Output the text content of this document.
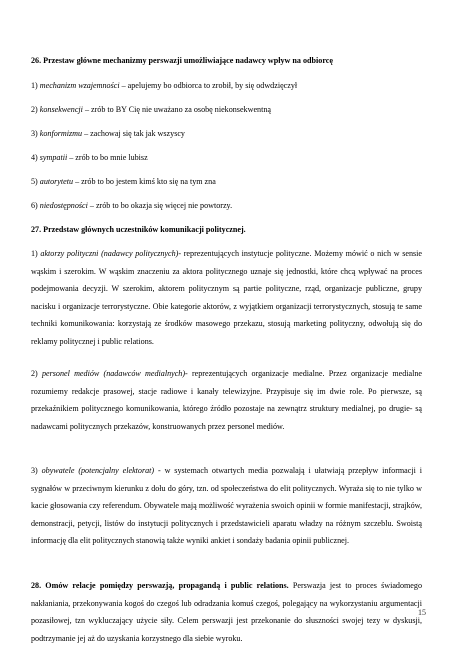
26. Przestaw główne mechanizmy perswazji umożliwiające nadawcy wpływ na odbiorcę
1) mechanizm wzajemności – apelujemy bo odbiorca to zrobił, by się odwdzięczył
2) konsekwencji – zrób to BY Cię nie uważano za osobę niekonsekwentną
3) konformizmu – zachowaj się tak jak wszyscy
4) sympatii – zrób to bo mnie lubisz
5) autorytetu – zrób to bo jestem kimś kto się na tym zna
6) niedostępności – zrób to bo okazja się więcej nie powtorzy.
27. Przedstaw głównych uczestników komunikacji politycznej.
1) aktorzy polityczni (nadawcy politycznych)- reprezentujących instytucje polityczne. Możemy mówić o nich w sensie wąskim i szerokim. W wąskim znaczeniu za aktora politycznego uznaje się jednostki, które chcą wpływać na proces podejmowania decyzji. W szerokim, aktorem politycznym są partie polityczne, rząd, organizacje publiczne, grupy nacisku i organizacje terrorystyczne. Obie kategorie aktorów, z wyjątkiem organizacji terrorystycznych, stosują te same techniki komunikowania: korzystają ze środków masowego przekazu, stosują marketing polityczny, odwołują się do reklamy politycznej i public relations.
2) personel mediów (nadawców medialnych)- reprezentujących organizacje medialne. Przez organizacje medialne rozumiemy redakcje prasowej, stacje radiowe i kanały telewizyjne. Przypisuje się im dwie role. Po pierwsze, są przekaźnikiem politycznego komunikowania, którego źródło pozostaje na zewnątrz struktury medialnej, po drugie- są nadawcami politycznych przekazów, konstruowanych przez personel mediów.
3) obywatele (potencjalny elektorat) - w systemach otwartych media pozwalają i ułatwiają przepływ informacji i sygnałów w przeciwnym kierunku z dołu do góry, tzn. od społeczeństwa do elit politycznych. Wyraża się to nie tylko w kacie głosowania czy referendum. Obywatele mają możliwość wyrażenia swoich opinii w formie manifestacji, strajków, demonstracji, petycji, listów do instytucji politycznych i przedstawicieli aparatu władzy na różnym szczeblu. Swoistą informację dla elit politycznych stanowią także wyniki ankiet i sondaży badania opinii publicznej.
28. Omów relacje pomiędzy perswazją, propagandą i public relations. Perswazja jest to proces świadomego nakłaniania, przekonywania kogoś do czegoś lub odradzania komuś czegoś, polegający na wykorzystaniu argumentacji pozasiłowej, tzn wykluczający użycie siły. Celem perswazji jest przekonanie do słuszności swojej tezy w dyskusji, podtrzymanie jej aż do uzyskania korzystnego dla siebie wyroku.
15
